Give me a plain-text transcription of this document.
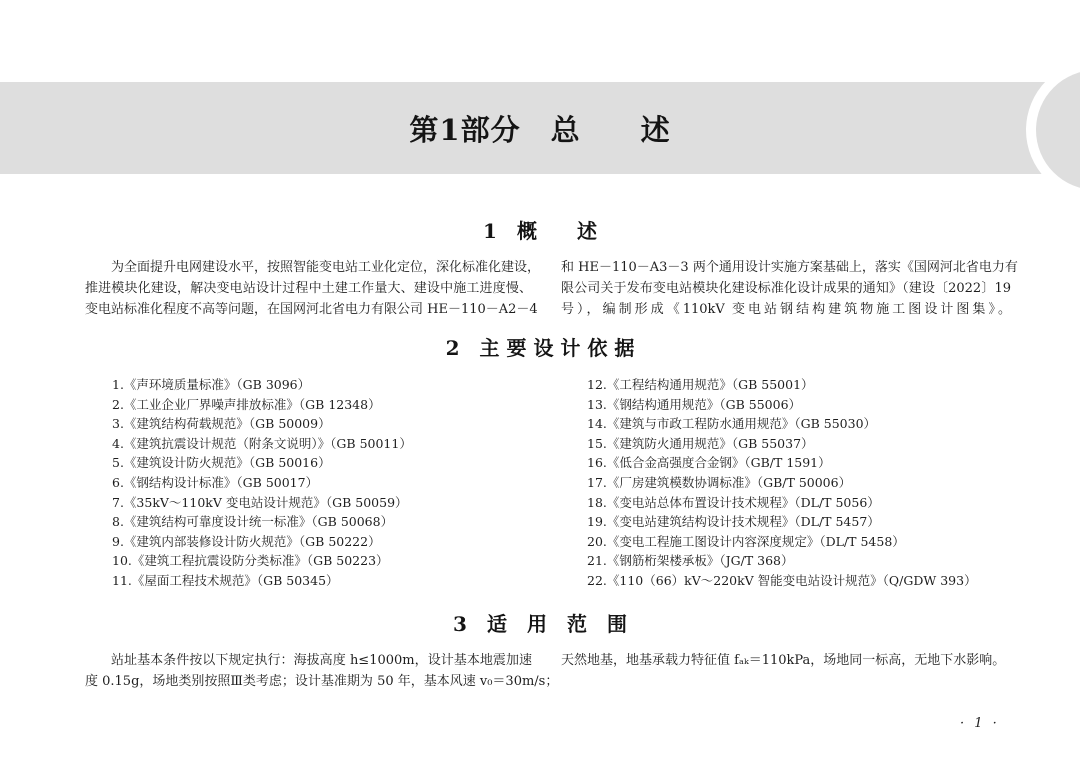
第1部分　总　　述
1　概　　述
为全面提升电网建设水平，按照智能变电站工业化定位，深化标准化建设，
推进模块化建设，解决变电站设计过程中土建工作量大、建设中施工进度慢、
变电站标准化程度不高等问题，在国网河北省电力有限公司 HE－110－A2－4
和 HE－110－A3－3 两个通用设计实施方案基础上，落实《国网河北省电力有
限公司关于发布变电站模块化建设标准化设计成果的通知》（建设〔2022〕19
号），编制形成《110kV 变电站钢结构建筑物施工图设计图集》。
2　主 要 设 计 依 据
1.《声环境质量标准》（GB 3096）
2.《工业企业厂界噪声排放标准》（GB 12348）
3.《建筑结构荷载规范》（GB 50009）
4.《建筑抗震设计规范（附条文说明）》（GB 50011）
5.《建筑设计防火规范》（GB 50016）
6.《钢结构设计标准》（GB 50017）
7.《35kV～110kV 变电站设计规范》（GB 50059）
8.《建筑结构可靠度设计统一标准》（GB 50068）
9.《建筑内部装修设计防火规范》（GB 50222）
10.《建筑工程抗震设防分类标准》（GB 50223）
11.《屋面工程技术规范》（GB 50345）
12.《工程结构通用规范》（GB 55001）
13.《钢结构通用规范》（GB 55006）
14.《建筑与市政工程防水通用规范》（GB 55030）
15.《建筑防火通用规范》（GB 55037）
16.《低合金高强度合金钢》（GB/T 1591）
17.《厂房建筑模数协调标准》（GB/T 50006）
18.《变电站总体布置设计技术规程》（DL/T 5056）
19.《变电站建筑结构设计技术规程》（DL/T 5457）
20.《变电工程施工图设计内容深度规定》（DL/T 5458）
21.《钢筋桁架楼承板》（JG/T 368）
22.《110（66）kV～220kV 智能变电站设计规范》（Q/GDW 393）
3　适　用　范　围
站址基本条件按以下规定执行：海拔高度 h≤1000m，设计基本地震加速
度 0.15g，场地类别按照Ⅲ类考虑；设计基准期为 50 年，基本风速 v₀＝30m/s；
天然地基，地基承载力特征值 fₐₖ＝110kPa，场地同一标高，无地下水影响。
· 1 ·
